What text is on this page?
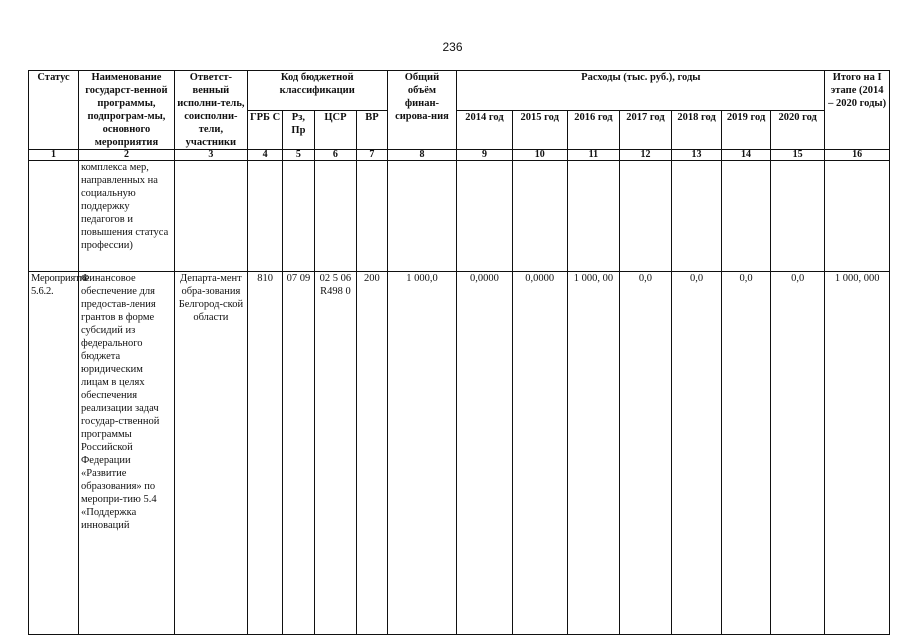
236
Статус	Наименование государст-венной программы, подпрограм-мы, основного мероприятия	Ответст-венный исполни-тель, соисполни-тели, участники	Код бюджетной классификации				Общий объём финан-сирова-ния	Расходы (тыс. руб.), годы							Итого на I этапе (2014 – 2020 годы)
			ГРБ С	Рз, Пр	ЦСР	ВР		2014 год	2015 год	2016 год	2017 год	2018 год	2019 год	2020 год	
1	2	3	4	5	6	7	8	9	10	11	12	13	14	15	16
	комплекса мер, направленных на социальную поддержку педагогов и повышения статуса профессии)														
Мероприятие 5.6.2.	Финансовое обеспечение для предостав-ления грантов в форме субсидий из федерального бюджета юридическим лицам в целях обеспечения реализации задач государ-ственной программы Российской Федерации «Развитие образования» по меропри-тию 5.4 «Поддержка инноваций	Департа-мент обра-зования Белгород-ской области	810	07 09	02 5 06 R498 0	200	1 000,0	0,0000	0,0000	1 000, 00	0,0	0,0	0,0	0,0	1 000, 000
